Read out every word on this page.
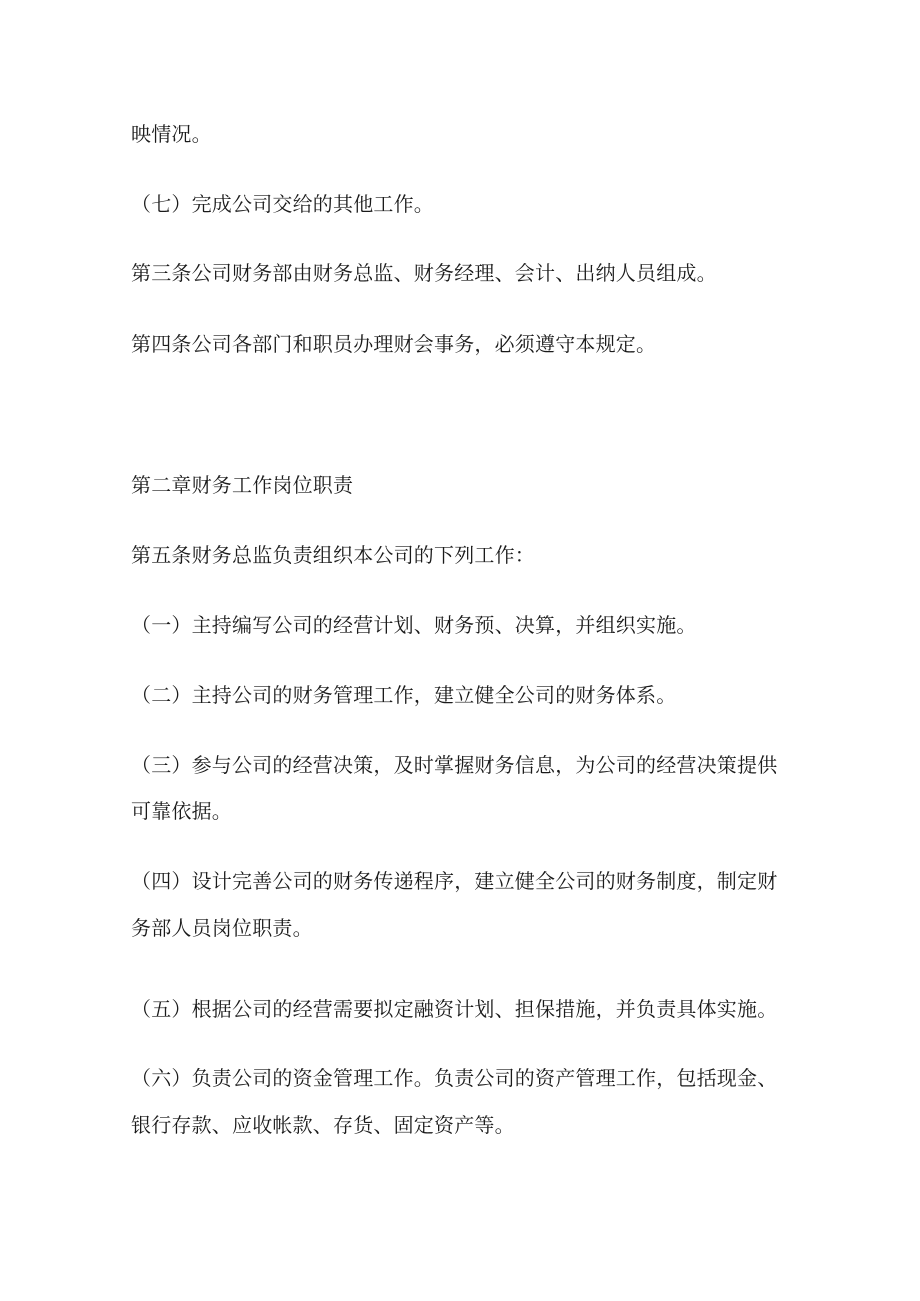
映情况。
（七）完成公司交给的其他工作。
第三条公司财务部由财务总监、财务经理、会计、出纳人员组成。
第四条公司各部门和职员办理财会事务，必须遵守本规定。
第二章财务工作岗位职责
第五条财务总监负责组织本公司的下列工作：
（一）主持编写公司的经营计划、财务预、决算，并组织实施。
（二）主持公司的财务管理工作，建立健全公司的财务体系。
（三）参与公司的经营决策，及时掌握财务信息，为公司的经营决策提供
可靠依据。
（四）设计完善公司的财务传递程序，建立健全公司的财务制度，制定财
务部人员岗位职责。
（五）根据公司的经营需要拟定融资计划、担保措施，并负责具体实施。
（六）负责公司的资金管理工作。负责公司的资产管理工作，包括现金、
银行存款、应收帐款、存货、固定资产等。
